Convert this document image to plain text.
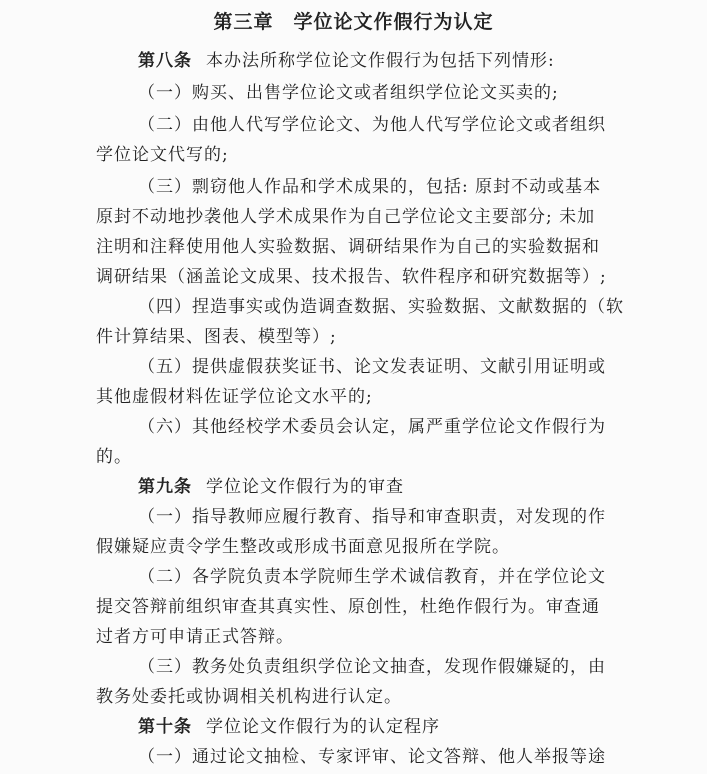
第三章　学位论文作假行为认定
第八条 本办法所称学位论文作假行为包括下列情形:
（一）购买、出售学位论文或者组织学位论文买卖的;
（二）由他人代写学位论文、为他人代写学位论文或者组织
学位论文代写的;
（三）剽窃他人作品和学术成果的，包括: 原封不动或基本
原封不动地抄袭他人学术成果作为自己学位论文主要部分; 未加
注明和注释使用他人实验数据、调研结果作为自己的实验数据和
调研结果（涵盖论文成果、技术报告、软件程序和研究数据等）;
（四）捏造事实或伪造调查数据、实验数据、文献数据的（软
件计算结果、图表、模型等）;
（五）提供虚假获奖证书、论文发表证明、文献引用证明或
其他虚假材料佐证学位论文水平的;
（六）其他经校学术委员会认定，属严重学位论文作假行为
的。
第九条 学位论文作假行为的审查
（一）指导教师应履行教育、指导和审查职责，对发现的作
假嫌疑应责令学生整改或形成书面意见报所在学院。
（二）各学院负责本学院师生学术诚信教育，并在学位论文
提交答辩前组织审查其真实性、原创性，杜绝作假行为。审查通
过者方可申请正式答辩。
（三）教务处负责组织学位论文抽查，发现作假嫌疑的，由
教务处委托或协调相关机构进行认定。
第十条 学位论文作假行为的认定程序
（一）通过论文抽检、专家评审、论文答辩、他人举报等途
